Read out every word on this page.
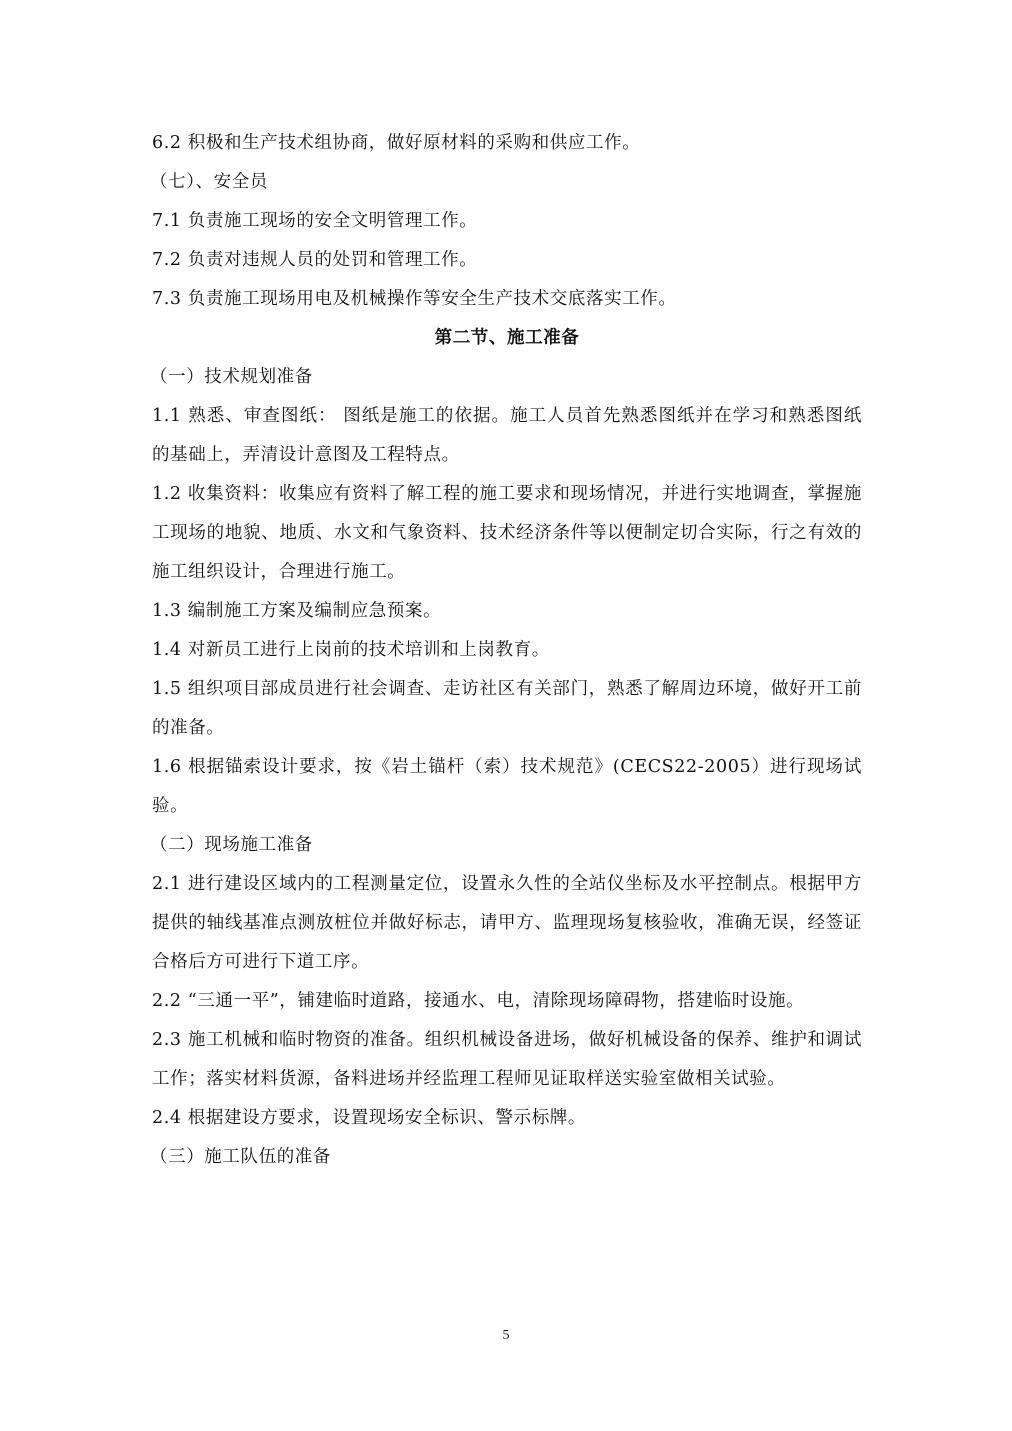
6.2 积极和生产技术组协商，做好原材料的采购和供应工作。

（七）、安全员

7.1 负责施工现场的安全文明管理工作。

7.2 负责对违规人员的处罚和管理工作。

7.3 负责施工现场用电及机械操作等安全生产技术交底落实工作。

第二节、施工准备

（一）技术规划准备

1.1 熟悉、审查图纸： 图纸是施工的依据。施工人员首先熟悉图纸并在学习和熟悉图纸的基础上，弄清设计意图及工程特点。

1.2 收集资料：收集应有资料了解工程的施工要求和现场情况，并进行实地调查，掌握施工现场的地貌、地质、水文和气象资料、技术经济条件等以便制定切合实际，行之有效的施工组织设计，合理进行施工。

1.3 编制施工方案及编制应急预案。

1.4 对新员工进行上岗前的技术培训和上岗教育。

1.5 组织项目部成员进行社会调查、走访社区有关部门，熟悉了解周边环境，做好开工前的准备。

1.6 根据锚索设计要求，按《岩土锚杆（索）技术规范》(CECS22-2005）进行现场试验。

（二）现场施工准备

2.1 进行建设区域内的工程测量定位，设置永久性的全站仪坐标及水平控制点。根据甲方提供的轴线基准点测放桩位并做好标志，请甲方、监理现场复核验收，准确无误，经签证合格后方可进行下道工序。

2.2 “三通一平”，铺建临时道路，接通水、电，清除现场障碍物，搭建临时设施。

2.3 施工机械和临时物资的准备。组织机械设备进场，做好机械设备的保养、维护和调试工作；落实材料货源，备料进场并经监理工程师见证取样送实验室做相关试验。

2.4 根据建设方要求，设置现场安全标识、警示标牌。

（三）施工队伍的准备

5
